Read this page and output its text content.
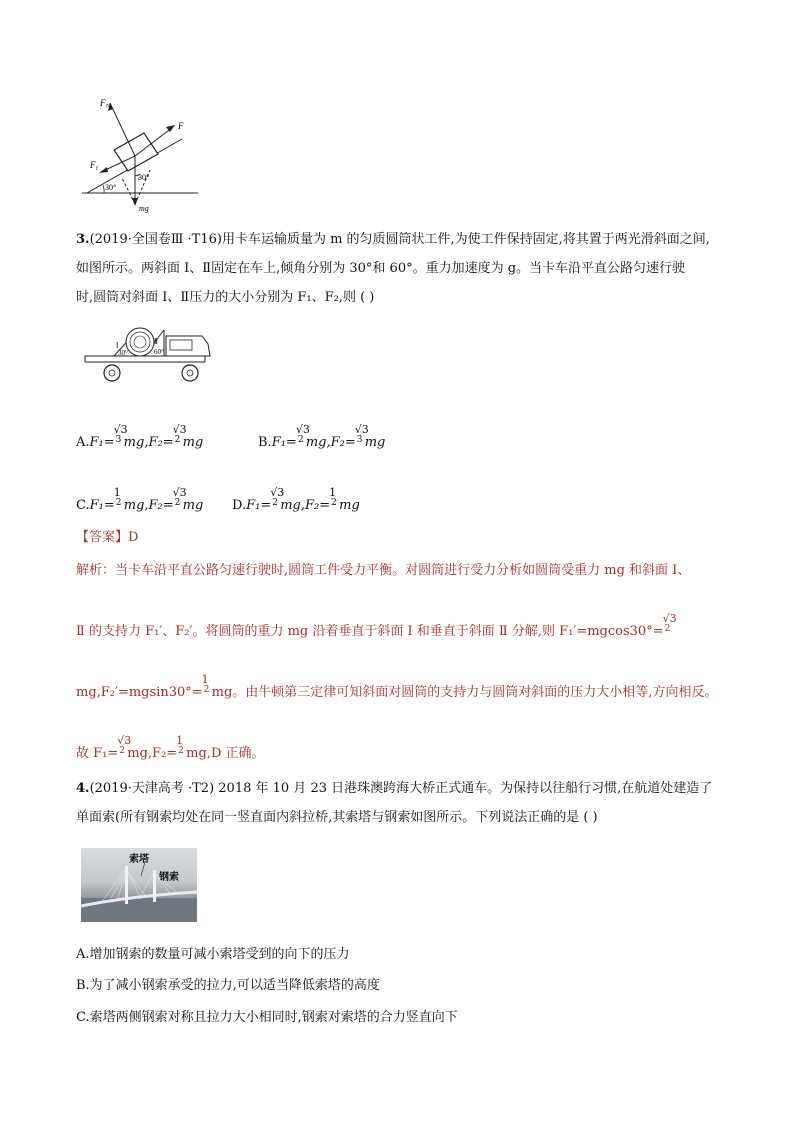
F N
F
F f
30°
30°
mg
3.(2019·全国卷Ⅲ ·T16)用卡车运输质量为 m 的匀质圆筒状工件,为使工件保持固定,将其置于两光滑斜面之间,
如图所示。两斜面 Ⅰ、Ⅱ固定在车上,倾角分别为 30°和 60°。重力加速度为 g。当卡车沿平直公路匀速行驶
时,圆筒对斜面 Ⅰ、Ⅱ压力的大小分别为 F₁、F₂,则 ( )
Ⅰ
30°
Ⅱ
60°
A.F₁=
√3
3 mg,F₂=
√3
2 mg	B.F₁=
√3
2 mg,F₂=
√3
3 mg
C.F₁=
1
2 mg,F₂=
√3
2 mg D.F₁=
√3
2 mg,F₂=
1
2 mg
【答案】D
解析：当卡车沿平直公路匀速行驶时,圆筒工件受力平衡。对圆筒进行受力分析如圆筒受重力 mg 和斜面 Ⅰ、
Ⅱ 的支持力 F₁′、F₂′。将圆筒的重力 mg 沿着垂直于斜面 Ⅰ 和垂直于斜面 Ⅱ 分解,则 F₁′=mgcos30°=
√3
2
mg,F₂′=mgsin30°=
1
2 mg。由牛顿第三定律可知斜面对圆筒的支持力与圆筒对斜面的压力大小相等,方向相反。
故 F₁=
√3
2 mg,F₂=
1
2 mg,D 正确。
4.(2019·天津高考 ·T2) 2018 年 10 月 23 日港珠澳跨海大桥正式通车。为保持以往船行习惯,在航道处建造了
单面索(所有钢索均处在同一竖直面内斜拉桥,其索塔与钢索如图所示。下列说法正确的是 ( )
索塔
钢索
A.增加钢索的数量可减小索塔受到的向下的压力
B.为了减小钢索承受的拉力,可以适当降低索塔的高度
C.索塔两侧钢索对称且拉力大小相同时,钢索对索塔的合力竖直向下
